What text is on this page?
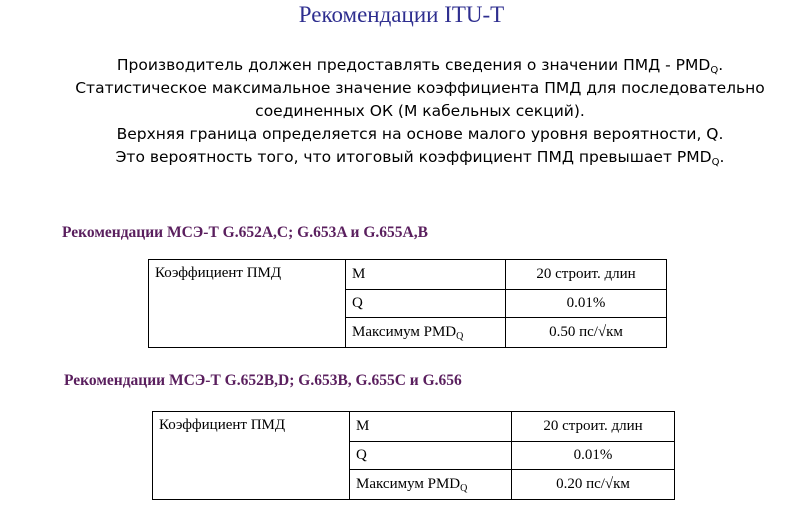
Рекомендации ITU-T
Производитель должен предоставлять сведения о значении ПМД - $PMD_Q$.
Статистическое максимальное значение коэффициента ПМД для последовательно
соединенных ОК (М кабельных секций).
Верхняя граница определяется на основе малого уровня вероятности, Q.
Это вероятность того, что итоговый коэффициент ПМД превышает $PMD_Q$.
Рекомендации МСЭ-Т G.652A,C; G.653A и G.655A,B
Коэффициент ПМД	M	20 строит. длин
	Q	0.01%
	Максимум $PMD_Q$	0.50 пс/√км
Рекомендации МСЭ-Т G.652B,D; G.653B, G.655C и G.656
Коэффициент ПМД	M	20 строит. длин
	Q	0.01%
	Максимум $PMD_Q$	0.20 пс/√км
